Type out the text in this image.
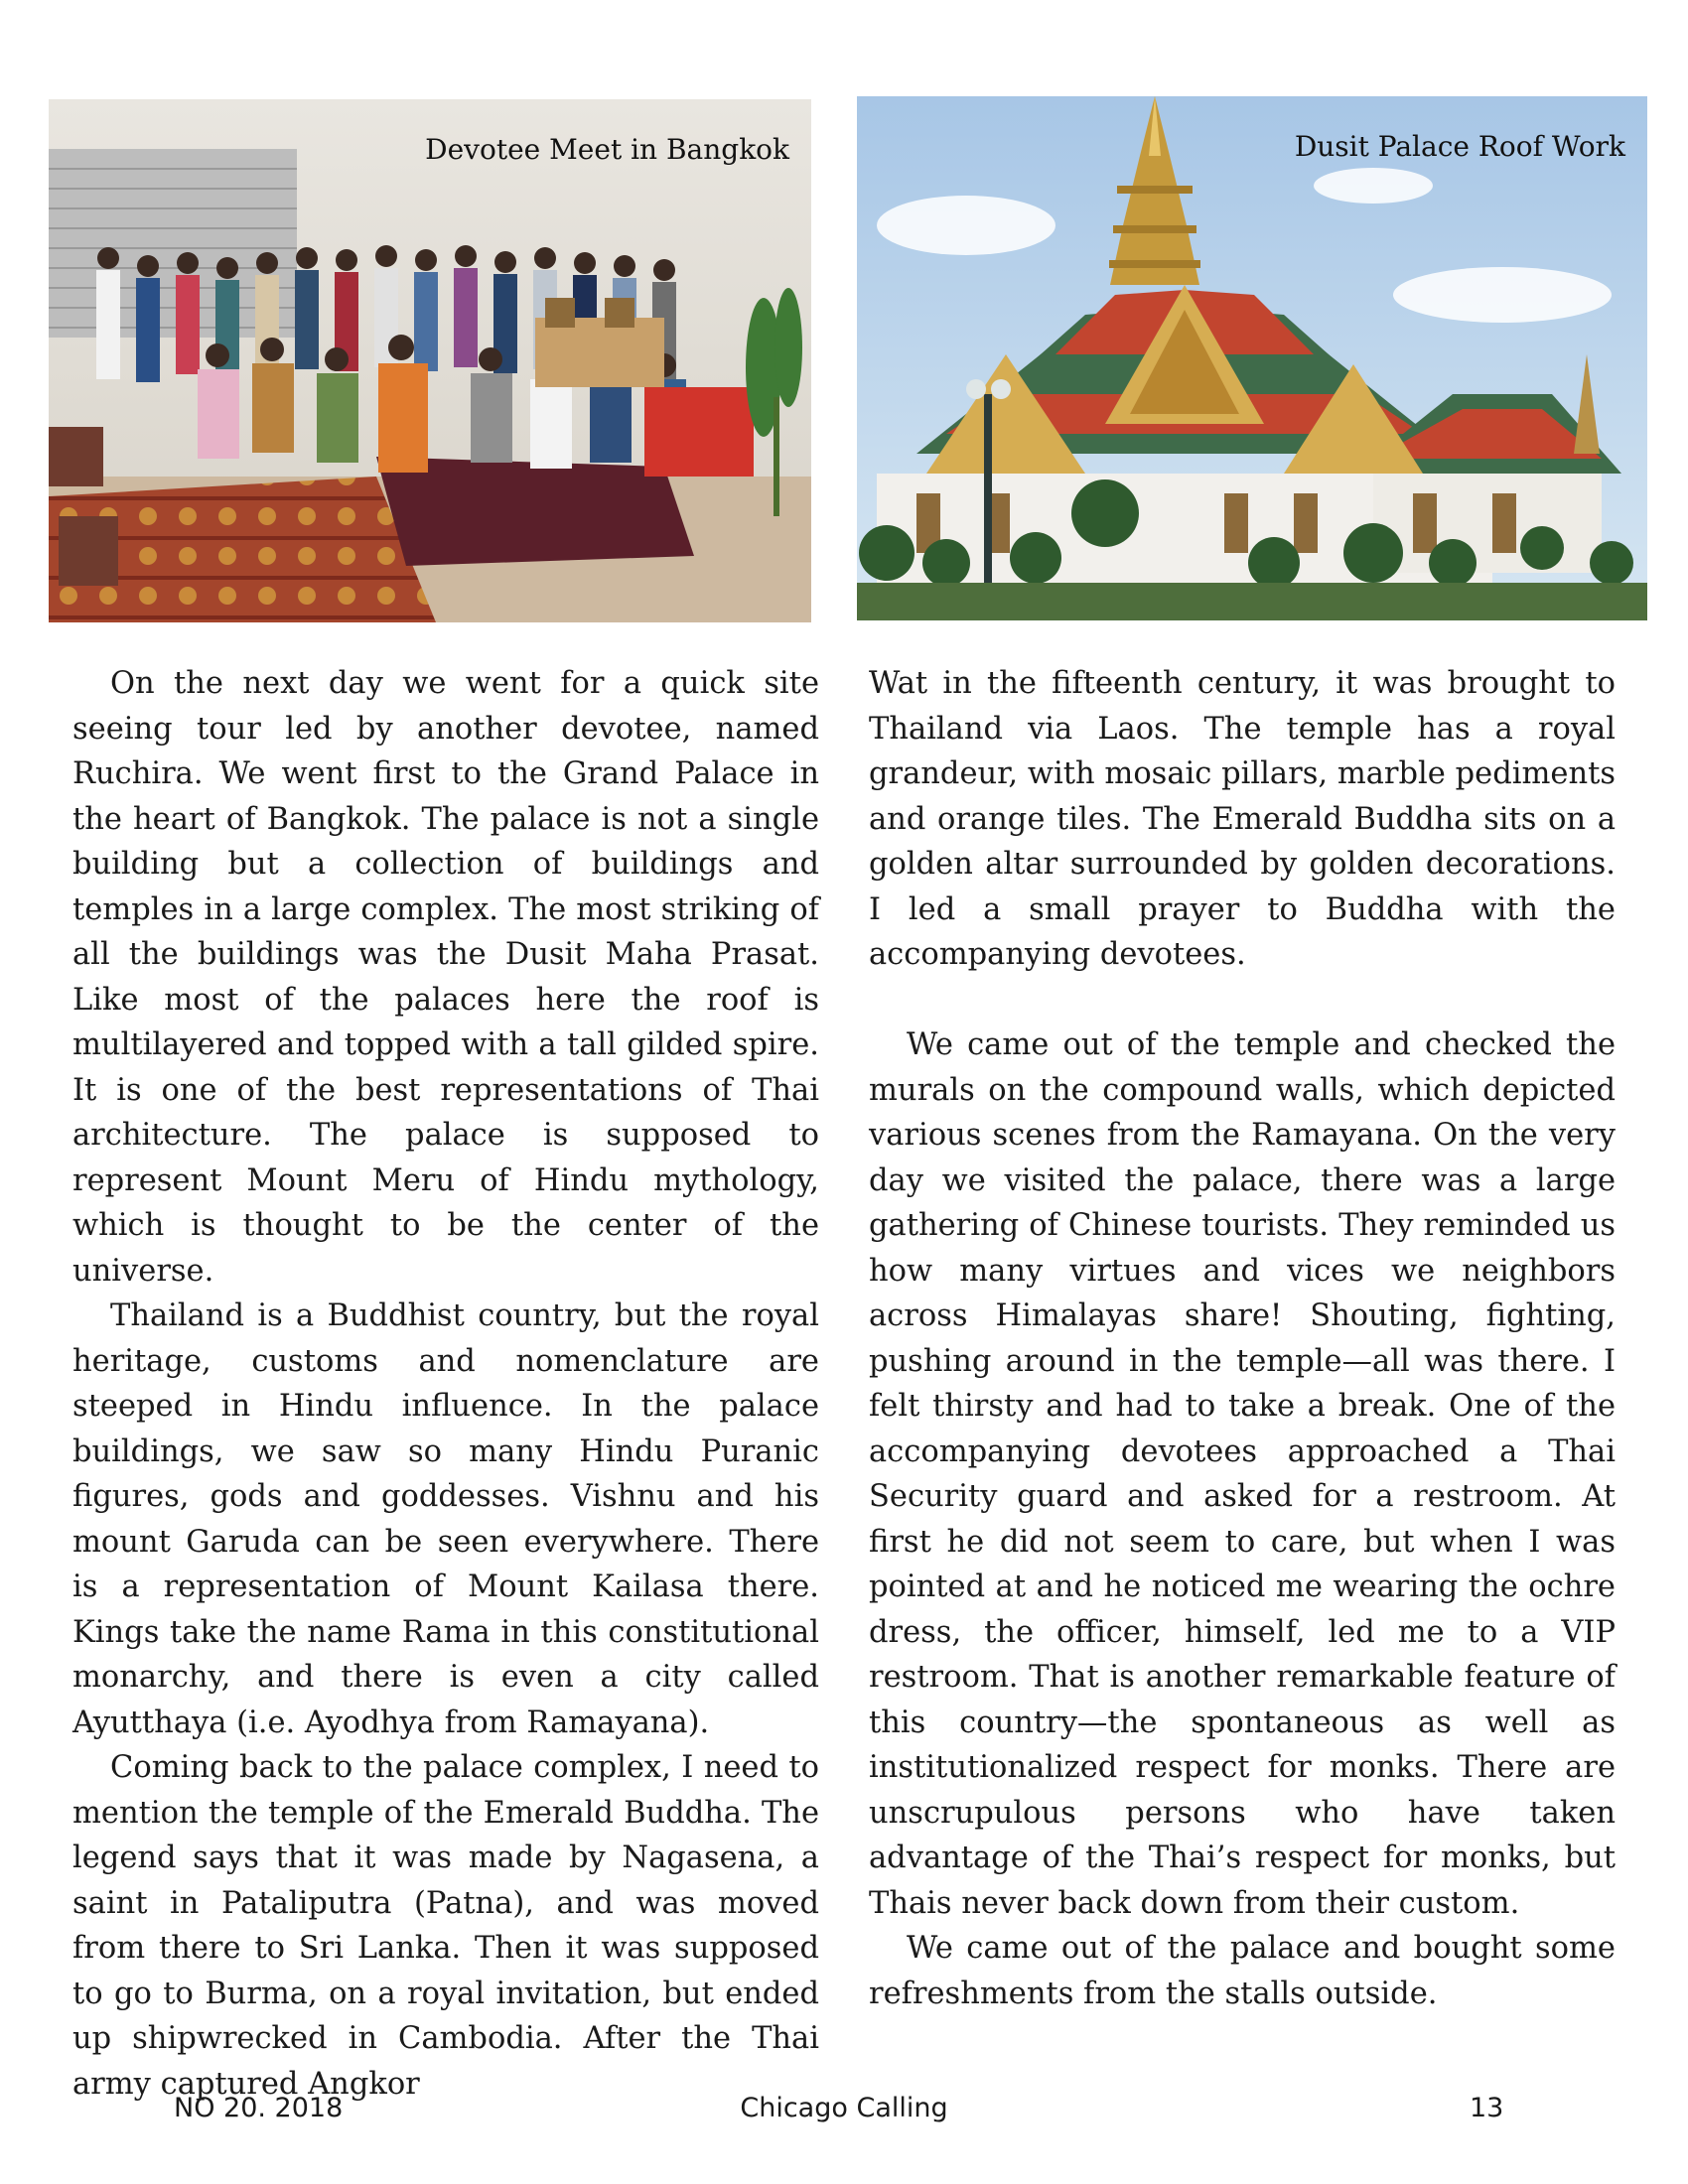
Devotee Meet in Bangkok	Dusit Palace Roof Work

On the next day we went for a quick site seeing tour led by another devotee, named Ruchira. We went first to the Grand Palace in the heart of Bangkok. The palace is not a single building but a collection of buildings and temples in a large complex. The most striking of all the buildings was the Dusit Maha Prasat. Like most of the palaces here the roof is multilayered and topped with a tall gilded spire. It is one of the best representations of Thai architecture. The palace is supposed to represent Mount Meru of Hindu mythology, which is thought to be the center of the universe.

Thailand is a Buddhist country, but the royal heritage, customs and nomenclature are steeped in Hindu influence. In the palace buildings, we saw so many Hindu Puranic figures, gods and goddesses. Vishnu and his mount Garuda can be seen everywhere. There is a representation of Mount Kailasa there. Kings take the name Rama in this constitutional monarchy, and there is even a city called Ayutthaya (i.e. Ayodhya from Ramayana).

Coming back to the palace complex, I need to mention the temple of the Emerald Buddha. The legend says that it was made by Nagasena, a saint in Pataliputra (Patna), and was moved from there to Sri Lanka. Then it was supposed to go to Burma, on a royal invitation, but ended up shipwrecked in Cambodia. After the Thai army captured Angkor

Wat in the fifteenth century, it was brought to Thailand via Laos. The temple has a royal grandeur, with mosaic pillars, marble pediments and orange tiles. The Emerald Buddha sits on a golden altar surrounded by golden decorations. I led a small prayer to Buddha with the accompanying devotees.

We came out of the temple and checked the murals on the compound walls, which depicted various scenes from the Ramayana. On the very day we visited the palace, there was a large gathering of Chinese tourists. They reminded us how many virtues and vices we neighbors across Himalayas share! Shouting, fighting, pushing around in the temple—all was there. I felt thirsty and had to take a break. One of the accompanying devotees approached a Thai Security guard and asked for a restroom. At first he did not seem to care, but when I was pointed at and he noticed me wearing the ochre dress, the officer, himself, led me to a VIP restroom. That is another remarkable feature of this country—the spontaneous as well as institutionalized respect for monks. There are unscrupulous persons who have taken advantage of the Thai’s respect for monks, but Thais never back down from their custom.

We came out of the palace and bought some refreshments from the stalls outside.

NO 20. 2018	Chicago Calling	13
